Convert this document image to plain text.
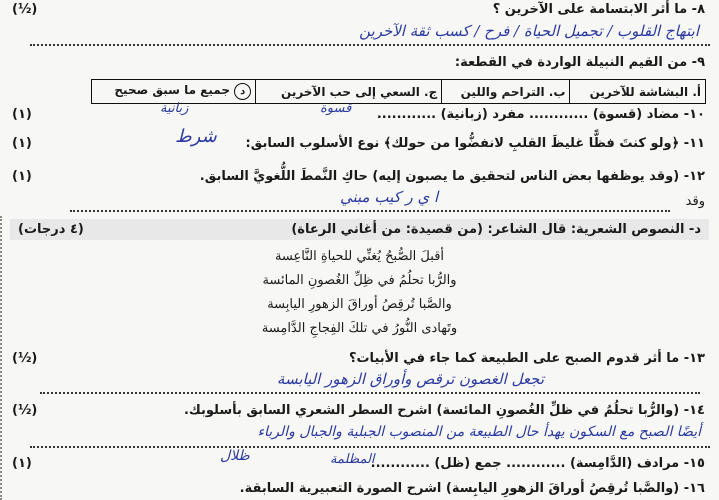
٨- ما أثر الابتسامة على الآخرين ؟
(½)
ابتهاج القلوب / تجميل الحياة / فرح / كسب ثقة الآخرين
٩- من القيم النبيلة الواردة في القطعة:
أ. البشاشة للآخرين	ب. التراحم واللين	ج. السعي إلى حب الآخرين	د جميع ما سبق صحيح
١٠- مضاد (قسوة) ............ مفرد (زبانية) ............
(١)	قسوة
زبانية
١١- ﴿ولو كنتَ فظًّا غليظَ القلبِ لانفضُّوا من حولك﴾ نوع الأسلوب السابق:
(١)	شرط
١٢- (وقد يوظفها بعض الناس لتحقيق ما يصبون إليه) حاكِ النَّمطَ اللُّغويَّ السابق.
(١)
وقد
ا ي ر كيب مبني
د- النصوص الشعرية: قال الشاعر: (من قصيدة: من أغاني الرعاة)
(٤ درجات)
أقبلَ الصُّبحُ يُغنِّي للحياةِ النَّاعِسة
والرُّبا تحلُمُ في ظِلِّ الغُصونِ المائسة
والصَّبا تُرقِصُ أوراقَ الزهورِ اليابِسة
وتَهادى النُّورُ في تلكَ الفِجاجِ الدَّامِسة
١٣- ما أثر قدوم الصبح على الطبيعة كما جاء في الأبيات؟
(½)
تجعل الغصون ترقص وأوراق الزهور اليابسة
١٤- (والرُّبا تحلُمُ في ظلِّ الغُصونِ المائسة) اشرح السطر الشعري السابق بأسلوبك.
(½)
أيضًا الصبح مع السكون يهدأ حال الطبيعة من المنصوب الجبلية والجبال والرباء
١٥- مرادف (الدَّامِسة) ............ جمع (ظل) ............
(١)	المظلمة
ظلال
١٦- (والصَّبا تُرقِصُ أوراقَ الزهورِ اليابِسة) اشرح الصورة التعبيرية السابقة.
